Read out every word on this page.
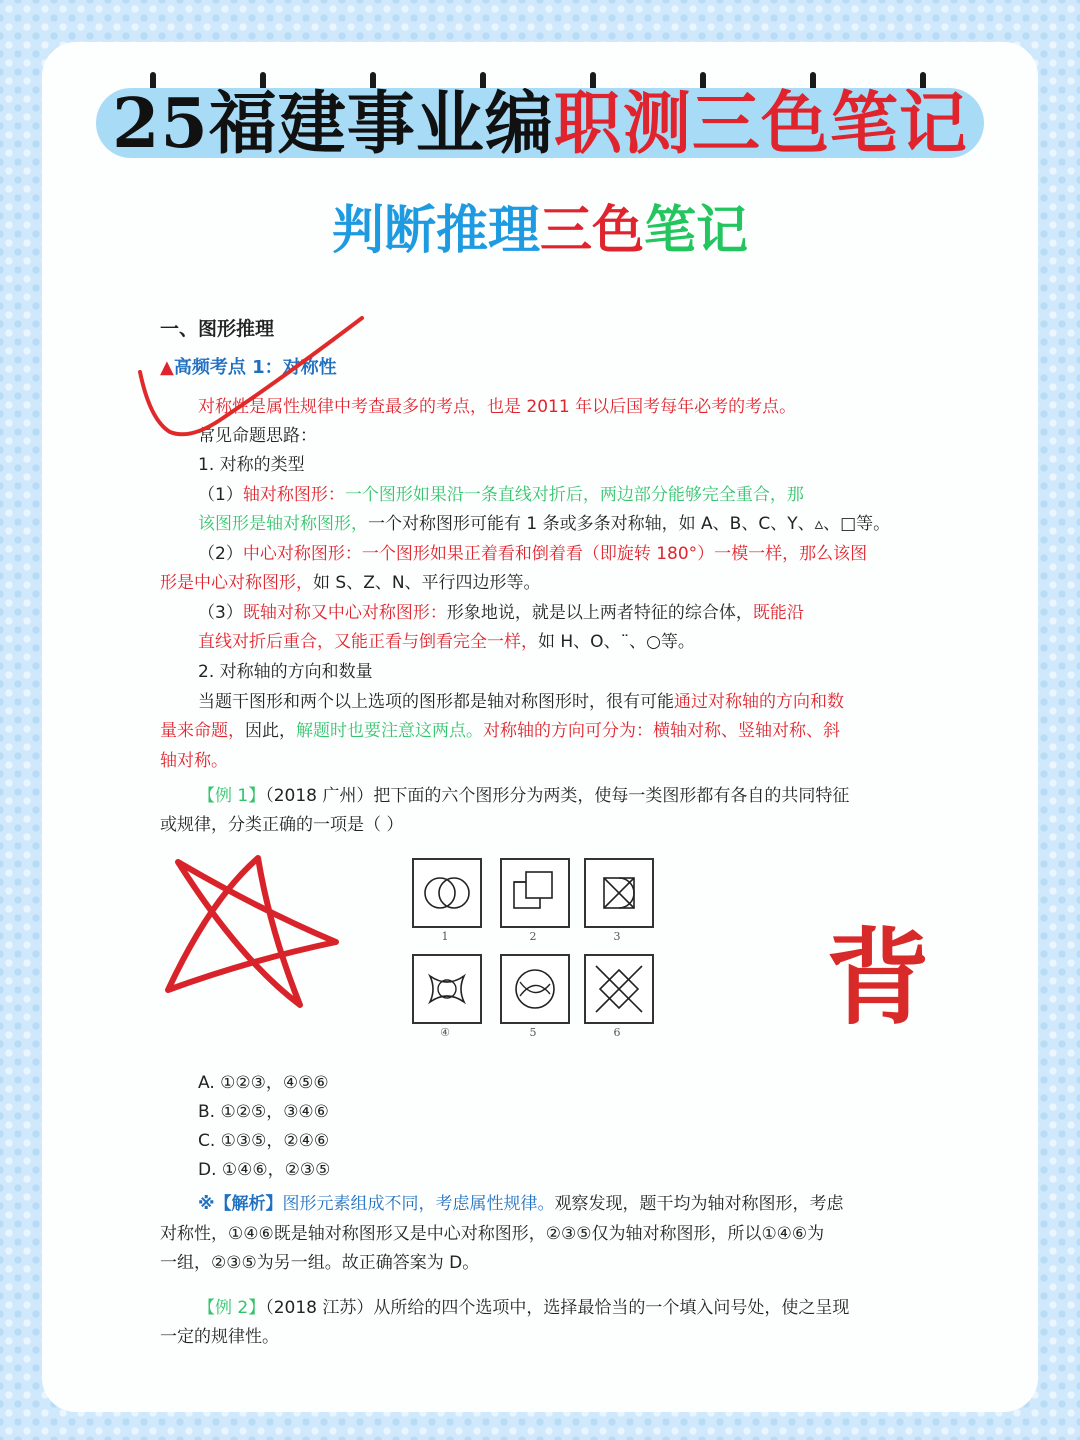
25福建事业编职测三色笔记
判断推理三色笔记
一、图形推理
▲高频考点 1：对称性
对称性是属性规律中考查最多的考点，也是 2011 年以后国考每年必考的考点。
常见命题思路：
1. 对称的类型
（1）轴对称图形：一个图形如果沿一条直线对折后，两边部分能够完全重合，那
该图形是轴对称图形，一个对称图形可能有 1 条或多条对称轴，如 A、B、C、Y、▵、□等。
（2）中心对称图形：一个图形如果正着看和倒着看（即旋转 180°）一模一样，那么该图
形是中心对称图形，如 S、Z、N、平行四边形等。
（3）既轴对称又中心对称图形：形象地说，就是以上两者特征的综合体，既能沿
直线对折后重合，又能正看与倒看完全一样，如 H、O、¨、○等。
2. 对称轴的方向和数量
当题干图形和两个以上选项的图形都是轴对称图形时，很有可能通过对称轴的方向和数
量来命题，因此，解题时也要注意这两点。对称轴的方向可分为：横轴对称、竖轴对称、斜
轴对称。
【例 1】（2018 广州）把下面的六个图形分为两类，使每一类图形都有各自的共同特征
或规律，分类正确的一项是（ ）
1	2	3
④	5	6
A. ①②③，④⑤⑥
B. ①②⑤，③④⑥
C. ①③⑤，②④⑥
D. ①④⑥，②③⑤
※【解析】图形元素组成不同，考虑属性规律。观察发现，题干均为轴对称图形，考虑
对称性，①④⑥既是轴对称图形又是中心对称图形，②③⑤仅为轴对称图形，所以①④⑥为
一组，②③⑤为另一组。故正确答案为 D。
【例 2】（2018 江苏）从所给的四个选项中，选择最恰当的一个填入问号处，使之呈现
一定的规律性。
背
